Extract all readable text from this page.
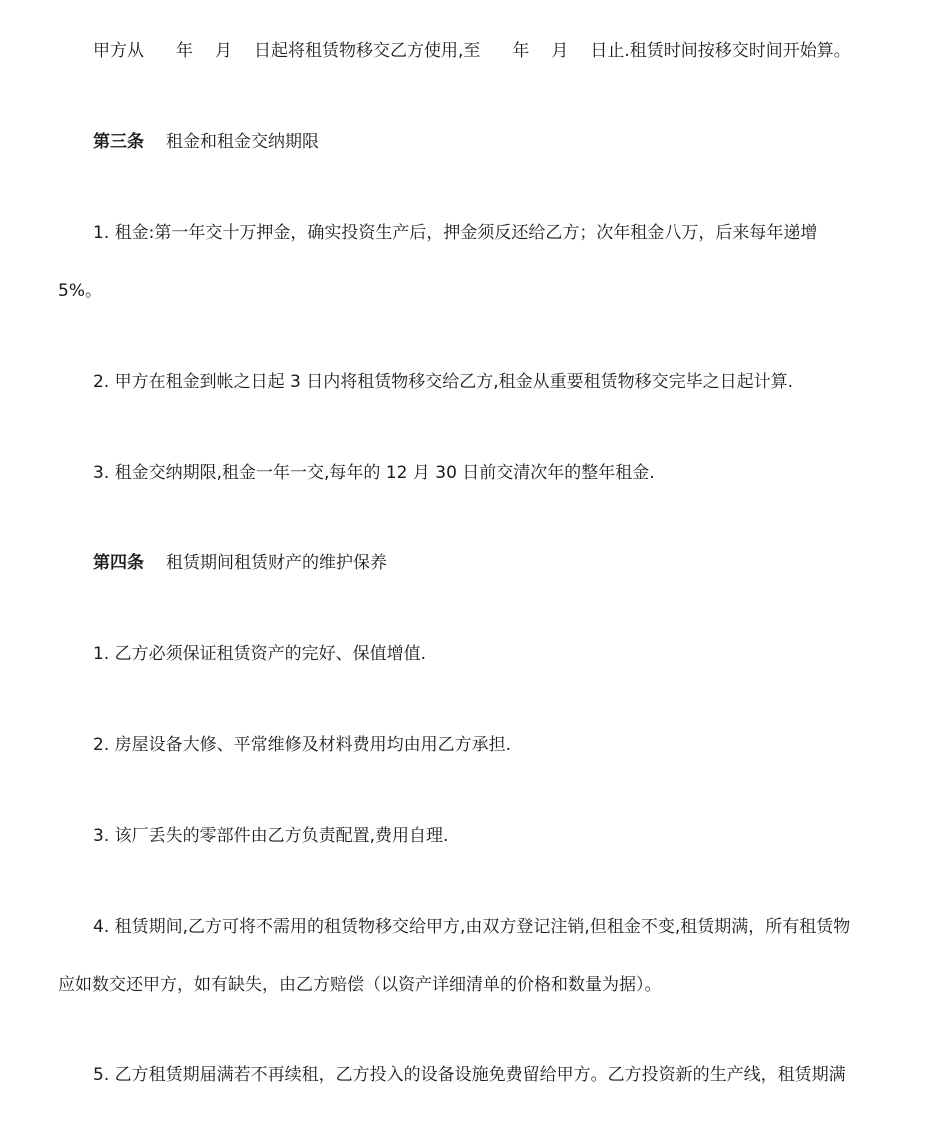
甲方从 年 月 日起将租赁物移交乙方使用,至 年 月 日止.租赁时间按移交时间开始算。
第三条 租金和租金交纳期限
1. 租金:第一年交十万押金，确实投资生产后，押金须反还给乙方；次年租金八万，后来每年递增
5%。
2. 甲方在租金到帐之日起 3 日内将租赁物移交给乙方,租金从重要租赁物移交完毕之日起计算.
3. 租金交纳期限,租金一年一交,每年的 12 月 30 日前交清次年的整年租金.
第四条 租赁期间租赁财产的维护保养
1. 乙方必须保证租赁资产的完好、保值增值.
2. 房屋设备大修、平常维修及材料费用均由用乙方承担.
3. 该厂丢失的零部件由乙方负责配置,费用自理.
4. 租赁期间,乙方可将不需用的租赁物移交给甲方,由双方登记注销,但租金不变,租赁期满，所有租赁物
应如数交还甲方，如有缺失，由乙方赔偿（以资产详细清单的价格和数量为据）。
5. 乙方租赁期届满若不再续租，乙方投入的设备设施免费留给甲方。乙方投资新的生产线，租赁期满
